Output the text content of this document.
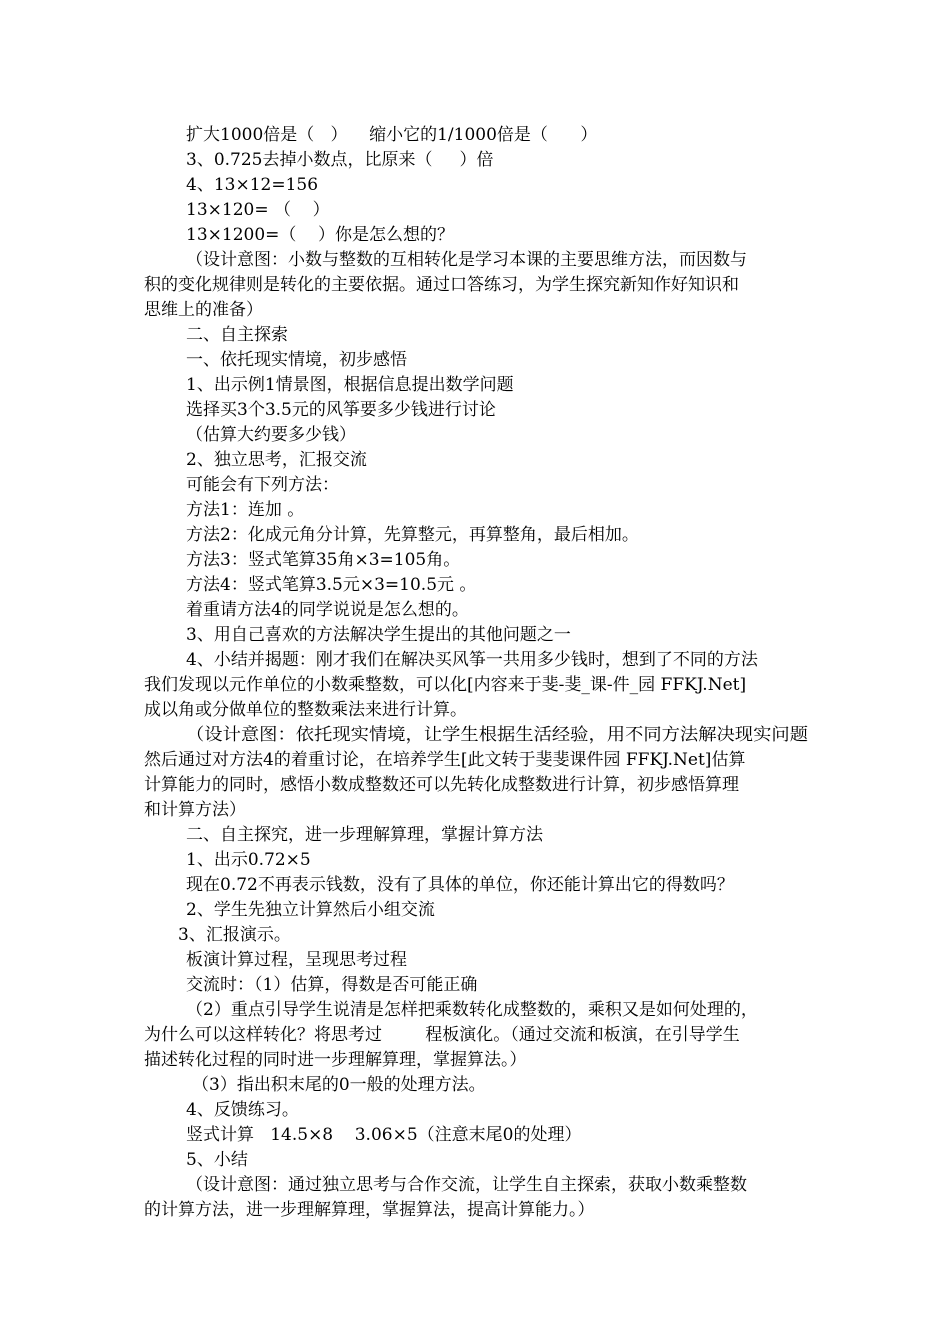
扩大1000倍是（   ）    缩小它的1/1000倍是（      ）

3、0.725去掉小数点，比原来（     ）倍

4、13×12=156

13×120= （    ）

13×1200=（    ）你是怎么想的？

（设计意图：小数与整数的互相转化是学习本课的主要思维方法，而因数与

积的变化规律则是转化的主要依据。通过口答练习，为学生探究新知作好知识和

思维上的准备）

二、自主探索

一、依托现实情境，初步感悟

1、出示例1情景图，根据信息提出数学问题

选择买3个3.5元的风筝要多少钱进行讨论

（估算大约要多少钱）

2、独立思考，汇报交流

可能会有下列方法：

方法1：连加 。

方法2：化成元角分计算，先算整元，再算整角，最后相加。

方法3：竖式笔算35角×3=105角。

方法4：竖式笔算3.5元×3=10.5元 。

着重请方法4的同学说说是怎么想的。

3、用自己喜欢的方法解决学生提出的其他问题之一

4、小结并揭题：刚才我们在解决买风筝一共用多少钱时，想到了不同的方法

我们发现以元作单位的小数乘整数，可以化[内容来于斐-斐_课-件_园 FFKJ.Net]

成以角或分做单位的整数乘法来进行计算。

（设计意图：依托现实情境，让学生根据生活经验，用不同方法解决现实问题

然后通过对方法4的着重讨论，在培养学生[此文转于斐斐课件园 FFKJ.Net]估算

计算能力的同时，感悟小数成整数还可以先转化成整数进行计算，初步感悟算理

和计算方法）

二、自主探究，进一步理解算理，掌握计算方法

1、出示0.72×5

现在0.72不再表示钱数，没有了具体的单位，你还能计算出它的得数吗？

2、学生先独立计算然后小组交流

3、汇报演示。

板演计算过程，呈现思考过程

交流时：（1）估算，得数是否可能正确

（2）重点引导学生说清是怎样把乘数转化成整数的，乘积又是如何处理的，

为什么可以这样转化？将思考过        程板演化。（通过交流和板演，在引导学生

描述转化过程的同时进一步理解算理，掌握算法。）

（3）指出积末尾的0一般的处理方法。

4、反馈练习。

竖式计算   14.5×8    3.06×5（注意末尾0的处理）

5、小结

（设计意图：通过独立思考与合作交流，让学生自主探索，获取小数乘整数

的计算方法，进一步理解算理，掌握算法，提高计算能力。）
